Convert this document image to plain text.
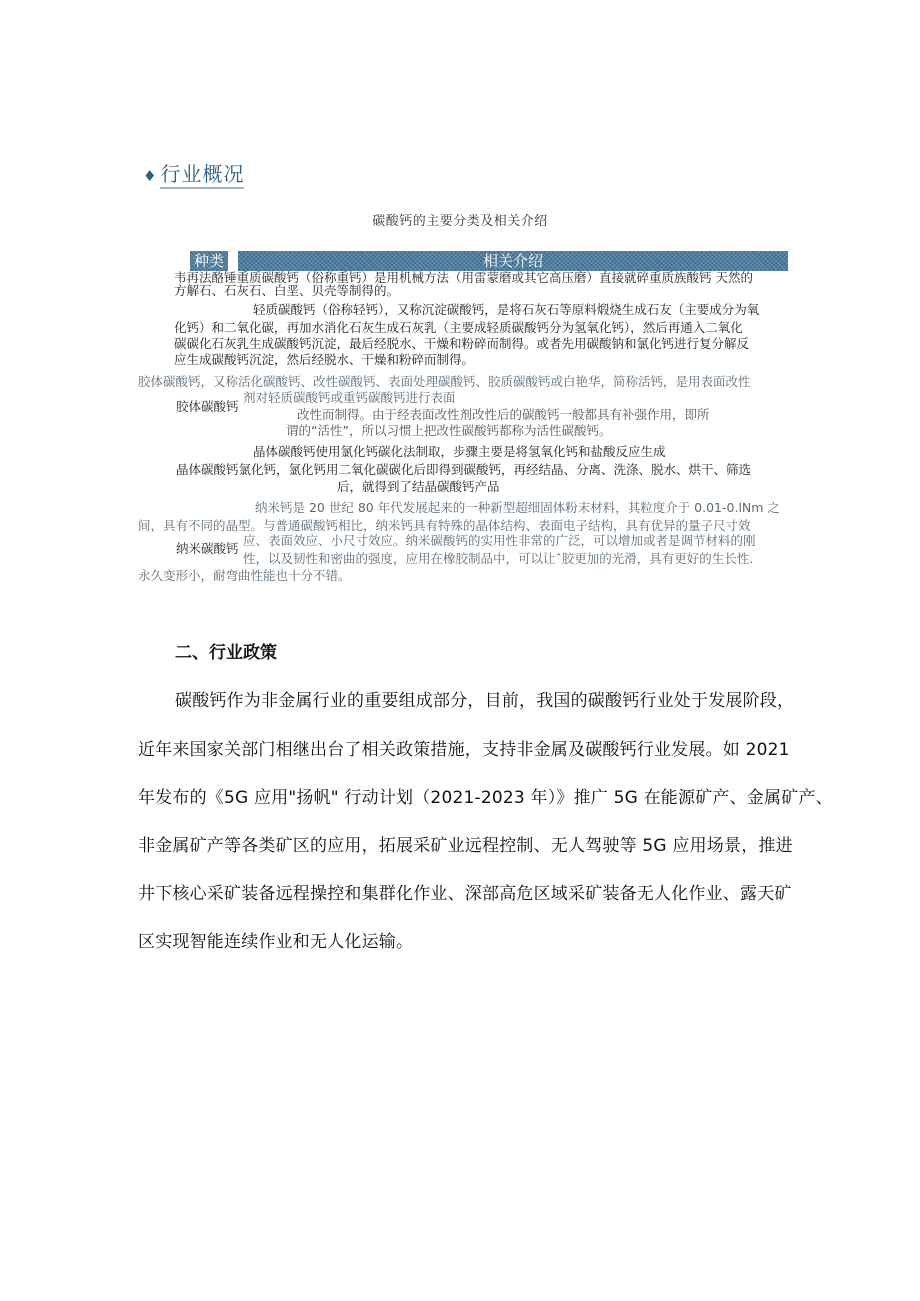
♦ 行业概况
碳酸钙的主要分类及相关介绍
种类	相关介绍
韦再法酪锤重质碳酸钙（俗称重钙）是用机械方法（用雷蒙磨或其它高压磨）直接就碎重质族酸钙 天然的
方解石、石灰石、白垩、贝壳等制得的。
轻质碳酸钙（俗称轻钙），又称沉淀碳酸钙，是将石灰石等原料煅烧生成石友（主要成分为氧
化钙）和二氧化碳，再加水消化石灰生成石灰乳（主要成轻质碳酸钙分为氢氧化钙），然后再通入二氧化
碳碳化石灰乳生成碳酸钙沉淀，最后经脱水、干燥和粉碎而制得。或者先用碳酸钠和氯化钙进行复分解反
应生成碳酸钙沉淀，然后经脱水、干燥和粉碎而制得。
胶体碳酸钙，又称活化碳酸钙、改性碳酸钙、表面处理碳酸钙、胶质碳酸钙或白艳华，简称活钙，是用表面改性
剂对轻质碳酸钙或重钙碳酸钙进行表面
胶体碳酸钙
改性而制得。由于经表面改性剂改性后的碳酸钙一般都具有补强作用，即所
谓的“活性”，所以习惯上把改性碳酸钙都称为活性碳酸钙。
晶体碳酸钙使用氯化钙碳化法制取，步骤主要是将氢氧化钙和盐酸反应生成
晶体碳酸钙氯化钙，氯化钙用二氧化碳碳化后即得到碳酸钙，再经结晶、分离、洗涤、脱水、烘干、筛选
后，就得到了结晶碳酸钙产品
纳米钙是 20 世纪 80 年代发展起来的一种新型超细固体粉末材料，其粒度介于 0.01-0.lNm 之
间，具有不同的晶型。与普通碳酸钙相比，纳米钙具有特殊的晶体结构、表面电子结构，具有优异的量子尺寸效
纳米碳酸钙
应、表面效应、小尺寸效应。纳米碳酸钙的实用性非常的广泛，可以增加或者是调节材料的刚
性，以及韧性和密曲的强度，应用在橡胶制品中，可以让ˆ胶更加的光滑，具有更好的生长性.
永久变形小，耐弯曲性能也十分不错。
二、行业政策
碳酸钙作为非金属行业的重要组成部分，目前，我国的碳酸钙行业处于发展阶段，
近年来国家关部门相继出台了相关政策措施，支持非金属及碳酸钙行业发展。如 2021
年发布的《5G 应用"扬帆" 行动计划（2021-2023 年）》推广 5G 在能源矿产、金属矿产、
非金属矿产等各类矿区的应用，拓展采矿业远程控制、无人驾驶等 5G 应用场景，推进
井下核心采矿装备远程操控和集群化作业、深部高危区域采矿装备无人化作业、露天矿
区实现智能连续作业和无人化运输。
